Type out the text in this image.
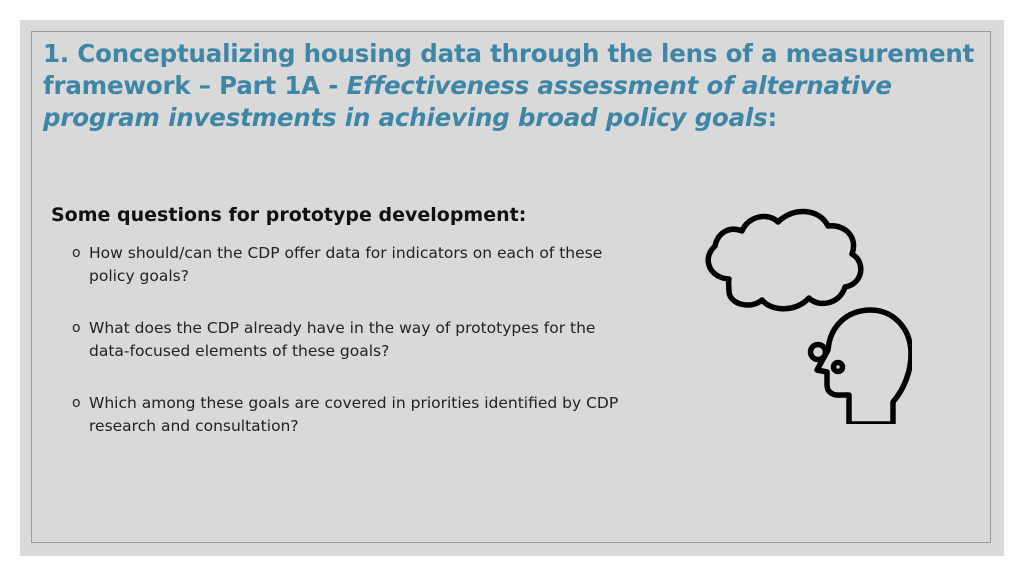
1. Conceptualizing housing data through the lens of a measurement framework – Part 1A - Effectiveness assessment of alternative program investments in achieving broad policy goals:
Some questions for prototype development:
o How should/can the CDP offer data for indicators on each of these policy goals?
o What does the CDP already have in the way of prototypes for the data-focused elements of these goals?
o Which among these goals are covered in priorities identified by CDP research and consultation?
